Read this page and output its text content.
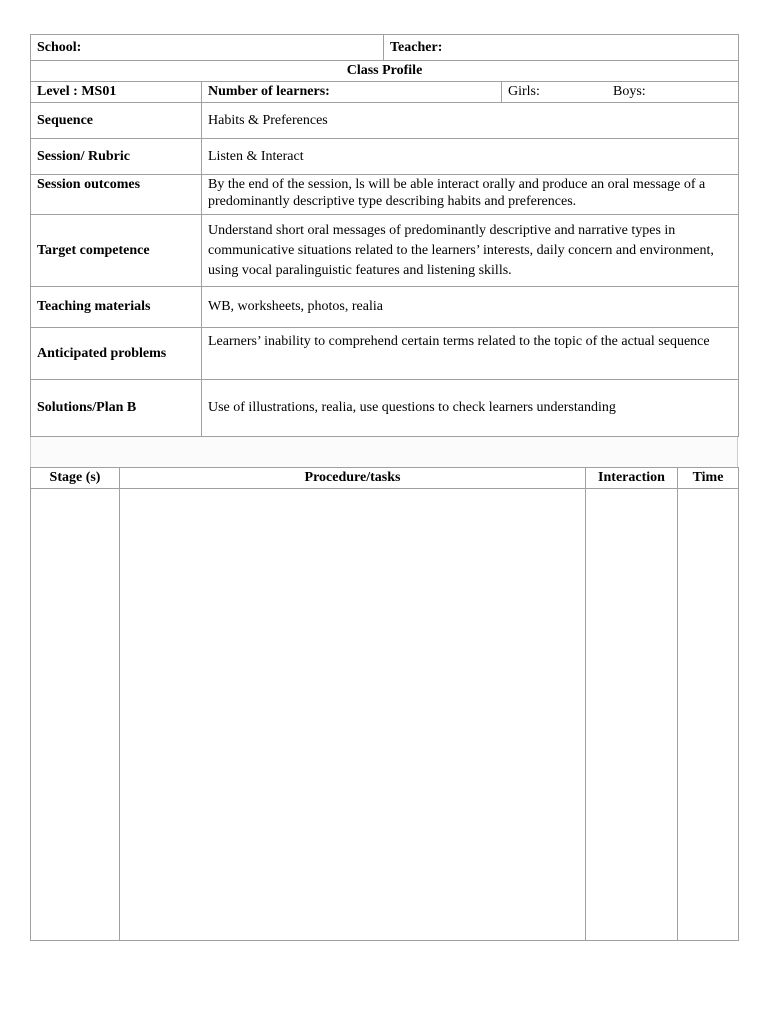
School:		Teacher:	
Class Profile			
Level : MS01	Number of learners:		Girls: Boys:
Sequence	Habits & Preferences		
Session/ Rubric	Listen & Interact		
Session outcomes	By the end of the session, ls will be able interact orally and produce an oral message of a predominantly descriptive type describing habits and preferences.		
Target competence	Understand short oral messages of predominantly descriptive and narrative types in communicative situations related to the learners’ interests, daily concern and environment, using vocal paralinguistic features and listening skills.		
Teaching materials	WB, worksheets, photos, realia		
Anticipated problems	Learners’ inability to comprehend certain terms related to the topic of the actual sequence		
Solutions/Plan B	Use of illustrations, realia, use questions to check learners understanding		
Stage (s)	Procedure/tasks	Interaction	Time
